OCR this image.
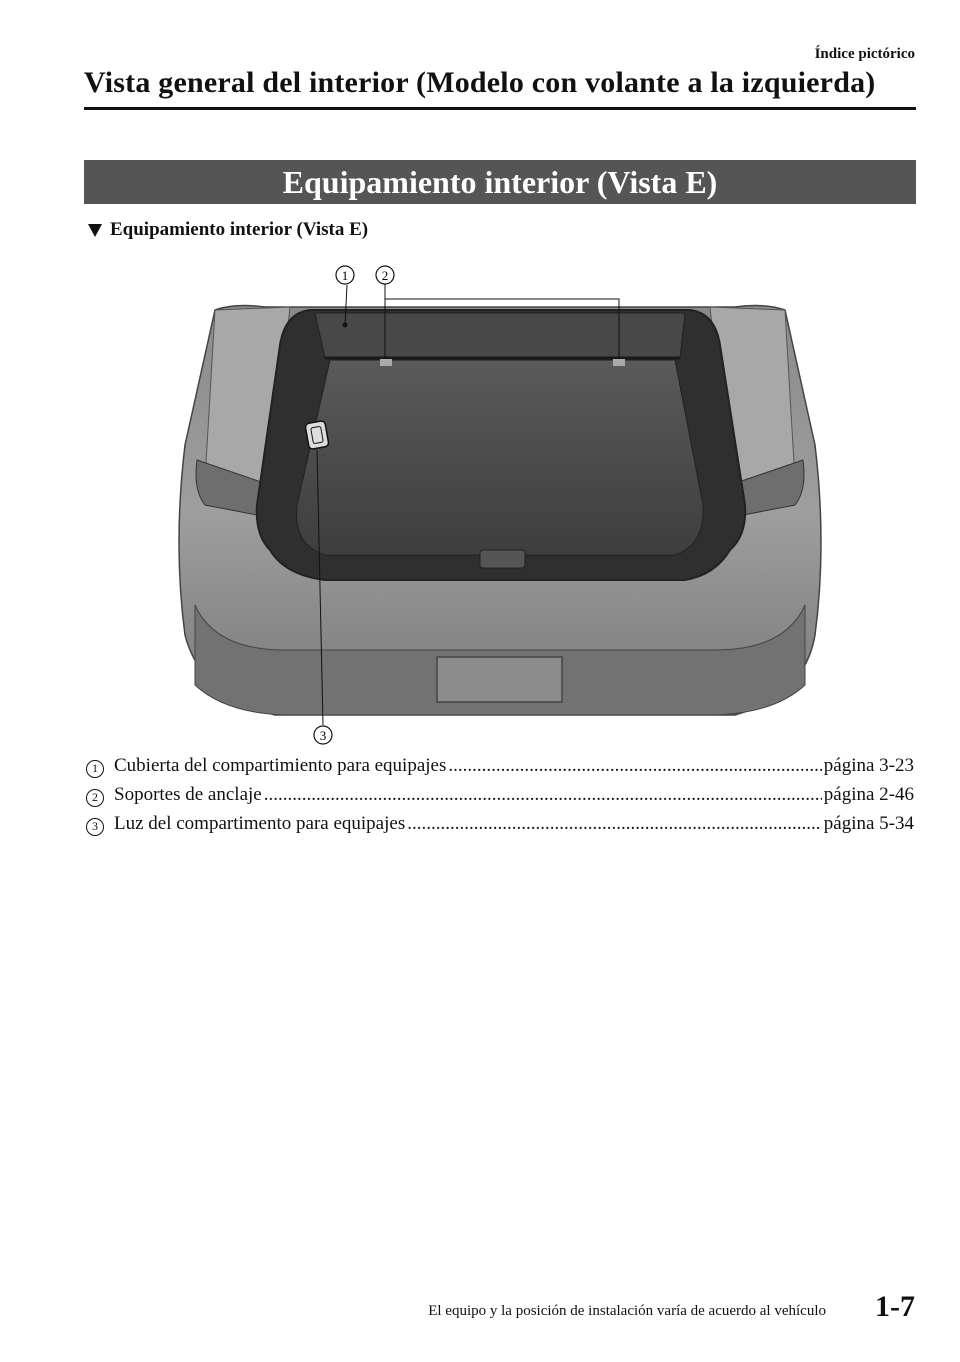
Índice pictórico
Vista general del interior (Modelo con volante a la izquierda)
Equipamiento interior (Vista E)
Equipamiento interior (Vista E)
1	2
3
1 Cubierta del compartimiento para equipajes .....	página 3-23
2 Soportes de anclaje .....	página 2-46
3 Luz del compartimento para equipajes .....	página 5-34
El equipo y la posición de instalación varía de acuerdo al vehículo 1-7
